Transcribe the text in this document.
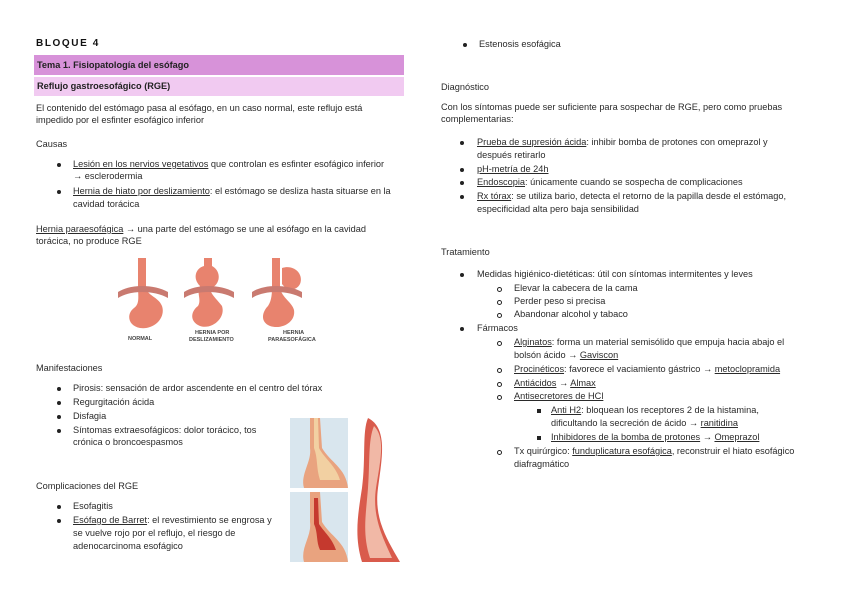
BLOQUE 4
Tema 1. Fisiopatología del esófago
Reflujo gastroesofágico (RGE)
El contenido del estómago pasa al esófago, en un caso normal, este reflujo está
impedido por el esfinter esofágico inferior
Causas
Lesión en los nervios vegetativos que controlan es esfinter esofágico inferior
→ esclerodermia
Hernia de hiato por deslizamiento: el estómago se desliza hasta situarse en la
cavidad torácica
Hernia paraesofágica → una parte del estómago se une al esófago en la cavidad
torácica, no produce RGE
NORMAL
HERNIA POR
DESLIZAMIENTO
HERNIA
PARAESOFÁGICA
Manifestaciones
Pirosis: sensación de ardor ascendente en el centro del tórax
Regurgitación ácida
Disfagia
Síntomas extraesofágicos: dolor torácico, tos
crónica o broncoespasmos
Complicaciones del RGE
Esofagitis
Esófago de Barret: el revestimiento se engrosa y
se vuelve rojo por el reflujo, el riesgo de
adenocarcinoma esofágico
Estenosis esofágica
Diagnóstico
Con los síntomas puede ser suficiente para sospechar de RGE, pero como pruebas
complementarias:
Prueba de supresión ácida: inhibir bomba de protones con omeprazol y
después retirarlo
pH-metría de 24h
Endoscopia: únicamente cuando se sospecha de complicaciones
Rx tórax: se utiliza bario, detecta el retorno de la papilla desde el estómago,
especificidad alta pero baja sensibilidad
Tratamiento
Medidas higiénico-dietéticas: útil con síntomas intermitentes y leves
Elevar la cabecera de la cama
Perder peso si precisa
Abandonar alcohol y tabaco
Fármacos
Alginatos: forma un material semisólido que empuja hacia abajo el
bolsón ácido → Gaviscon
Procinéticos: favorece el vaciamiento gástrico → metoclopramida
Antiácidos → Almax
Antisecretores de HCl
Anti H2: bloquean los receptores 2 de la histamina,
dificultando la secreción de ácido → ranitidina
Inhibidores de la bomba de protones → Omeprazol
Tx quirúrgico: funduplicatura esofágica, reconstruir el hiato esofágico
diafragmático
